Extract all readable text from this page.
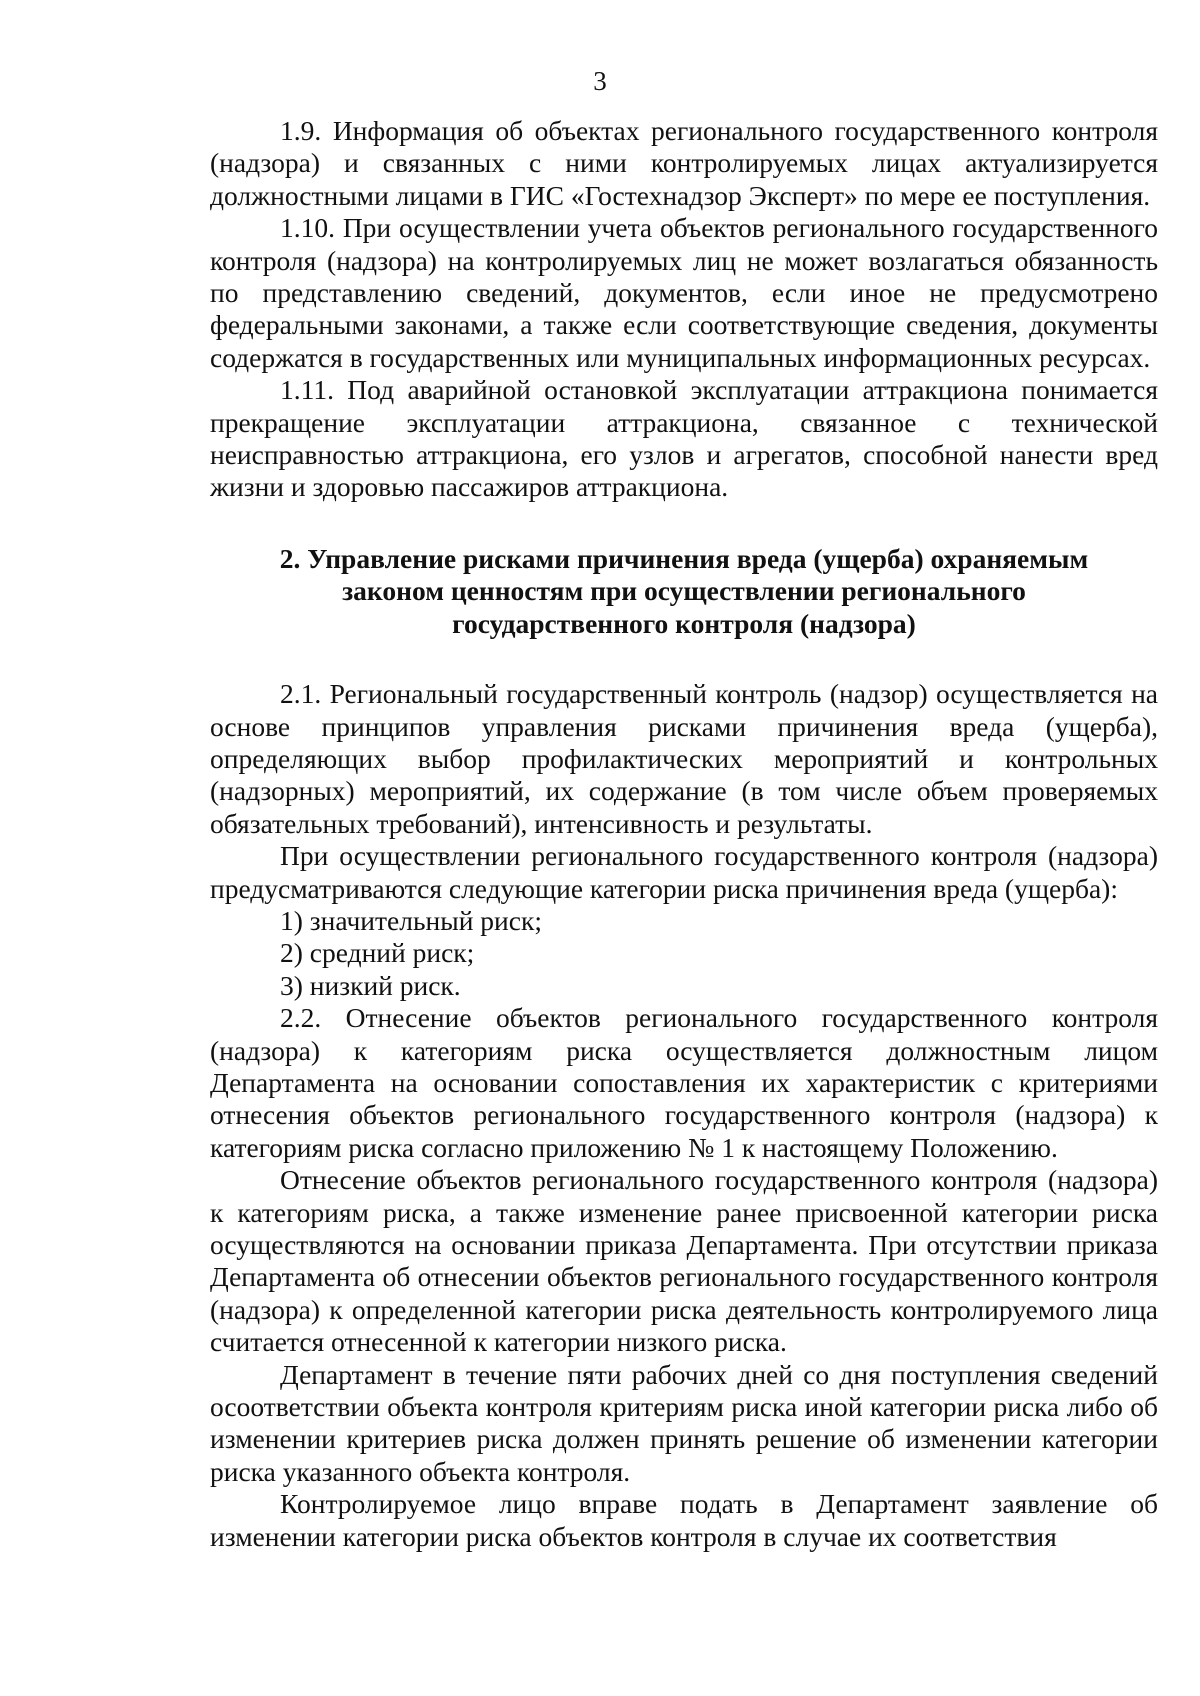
3

1.9. Информация об объектах регионального государственного контроля (надзора) и связанных с ними контролируемых лицах актуализируется должностными лицами в ГИС «Гостехнадзор Эксперт» по мере ее поступления.

1.10. При осуществлении учета объектов регионального государственного контроля (надзора) на контролируемых лиц не может возлагаться обязанность по представлению сведений, документов, если иное не предусмотрено федеральными законами, а также если соответствующие сведения, документы содержатся в государственных или муниципальных информационных ресурсах.

1.11. Под аварийной остановкой эксплуатации аттракциона понимается прекращение эксплуатации аттракциона, связанное с технической неисправностью аттракциона, его узлов и агрегатов, способной нанести вред жизни и здоровью пассажиров аттракциона.

2. Управление рисками причинения вреда (ущерба) охраняемым законом ценностям при осуществлении регионального государственного контроля (надзора)

2.1. Региональный государственный контроль (надзор) осуществляется на основе принципов управления рисками причинения вреда (ущерба), определяющих выбор профилактических мероприятий и контрольных (надзорных) мероприятий, их содержание (в том числе объем проверяемых обязательных требований), интенсивность и результаты.

При осуществлении регионального государственного контроля (надзора) предусматриваются следующие категории риска причинения вреда (ущерба):

1) значительный риск;

2) средний риск;

3) низкий риск.

2.2. Отнесение объектов регионального государственного контроля (надзора) к категориям риска осуществляется должностным лицом Департамента на основании сопоставления их характеристик с критериями отнесения объектов регионального государственного контроля (надзора) к категориям риска согласно приложению № 1 к настоящему Положению.

Отнесение объектов регионального государственного контроля (надзора) к категориям риска, а также изменение ранее присвоенной категории риска осуществляются на основании приказа Департамента. При отсутствии приказа Департамента об отнесении объектов регионального государственного контроля (надзора) к определенной категории риска деятельность контролируемого лица считается отнесенной к категории низкого риска.

Департамент в течение пяти рабочих дней со дня поступления сведений осоответствии объекта контроля критериям риска иной категории риска либо об изменении критериев риска должен принять решение об изменении категории риска указанного объекта контроля.

Контролируемое лицо вправе подать в Департамент заявление об изменении категории риска объектов контроля в случае их соответствия
